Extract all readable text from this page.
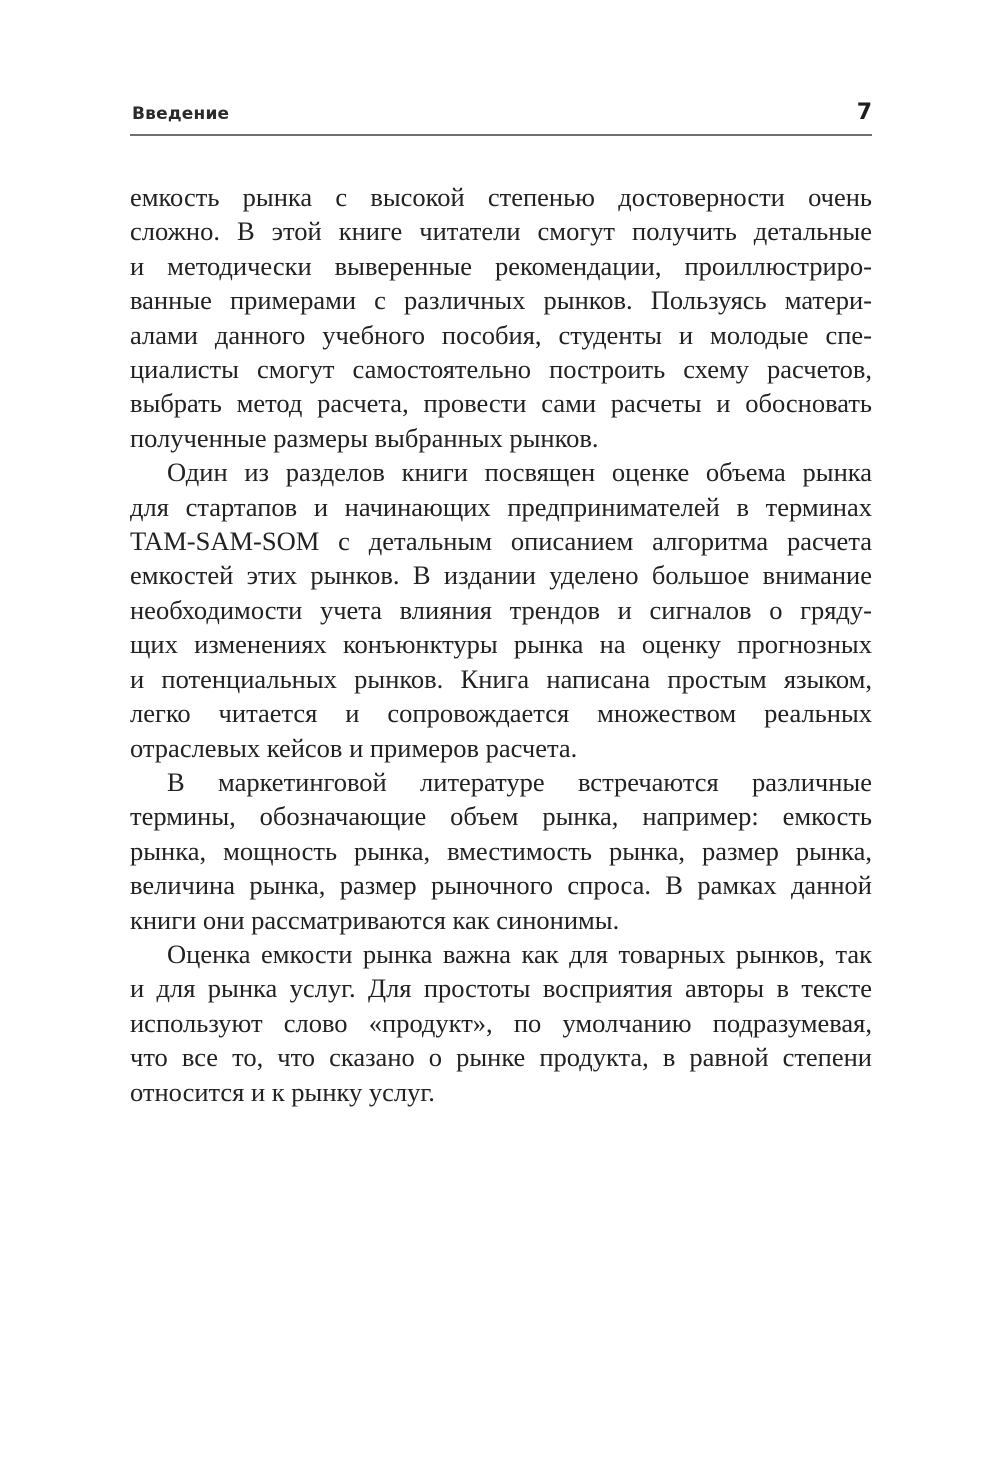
Введение	7
емкость рынка с высокой степенью достоверности очень
сложно. В этой книге читатели смогут получить детальные
и методически выверенные рекомендации, проиллюстриро-
ванные примерами с различных рынков. Пользуясь матери-
алами данного учебного пособия, студенты и молодые спе-
циалисты смогут самостоятельно построить схему расчетов,
выбрать метод расчета, провести сами расчеты и обосновать
полученные размеры выбранных рынков.
Один из разделов книги посвящен оценке объема рынка
для стартапов и начинающих предпринимателей в терминах
TAM-SAM-SOM с детальным описанием алгоритма расчета
емкостей этих рынков. В издании уделено большое внимание
необходимости учета влияния трендов и сигналов о гряду-
щих изменениях конъюнктуры рынка на оценку прогнозных
и потенциальных рынков. Книга написана простым языком,
легко читается и сопровождается множеством реальных
отраслевых кейсов и примеров расчета.
В маркетинговой литературе встречаются различные
термины, обозначающие объем рынка, например: емкость
рынка, мощность рынка, вместимость рынка, размер рынка,
величина рынка, размер рыночного спроса. В рамках данной
книги они рассматриваются как синонимы.
Оценка емкости рынка важна как для товарных рынков, так
и для рынка услуг. Для простоты восприятия авторы в тексте
используют слово «продукт», по умолчанию подразумевая,
что все то, что сказано о рынке продукта, в равной степени
относится и к рынку услуг.
